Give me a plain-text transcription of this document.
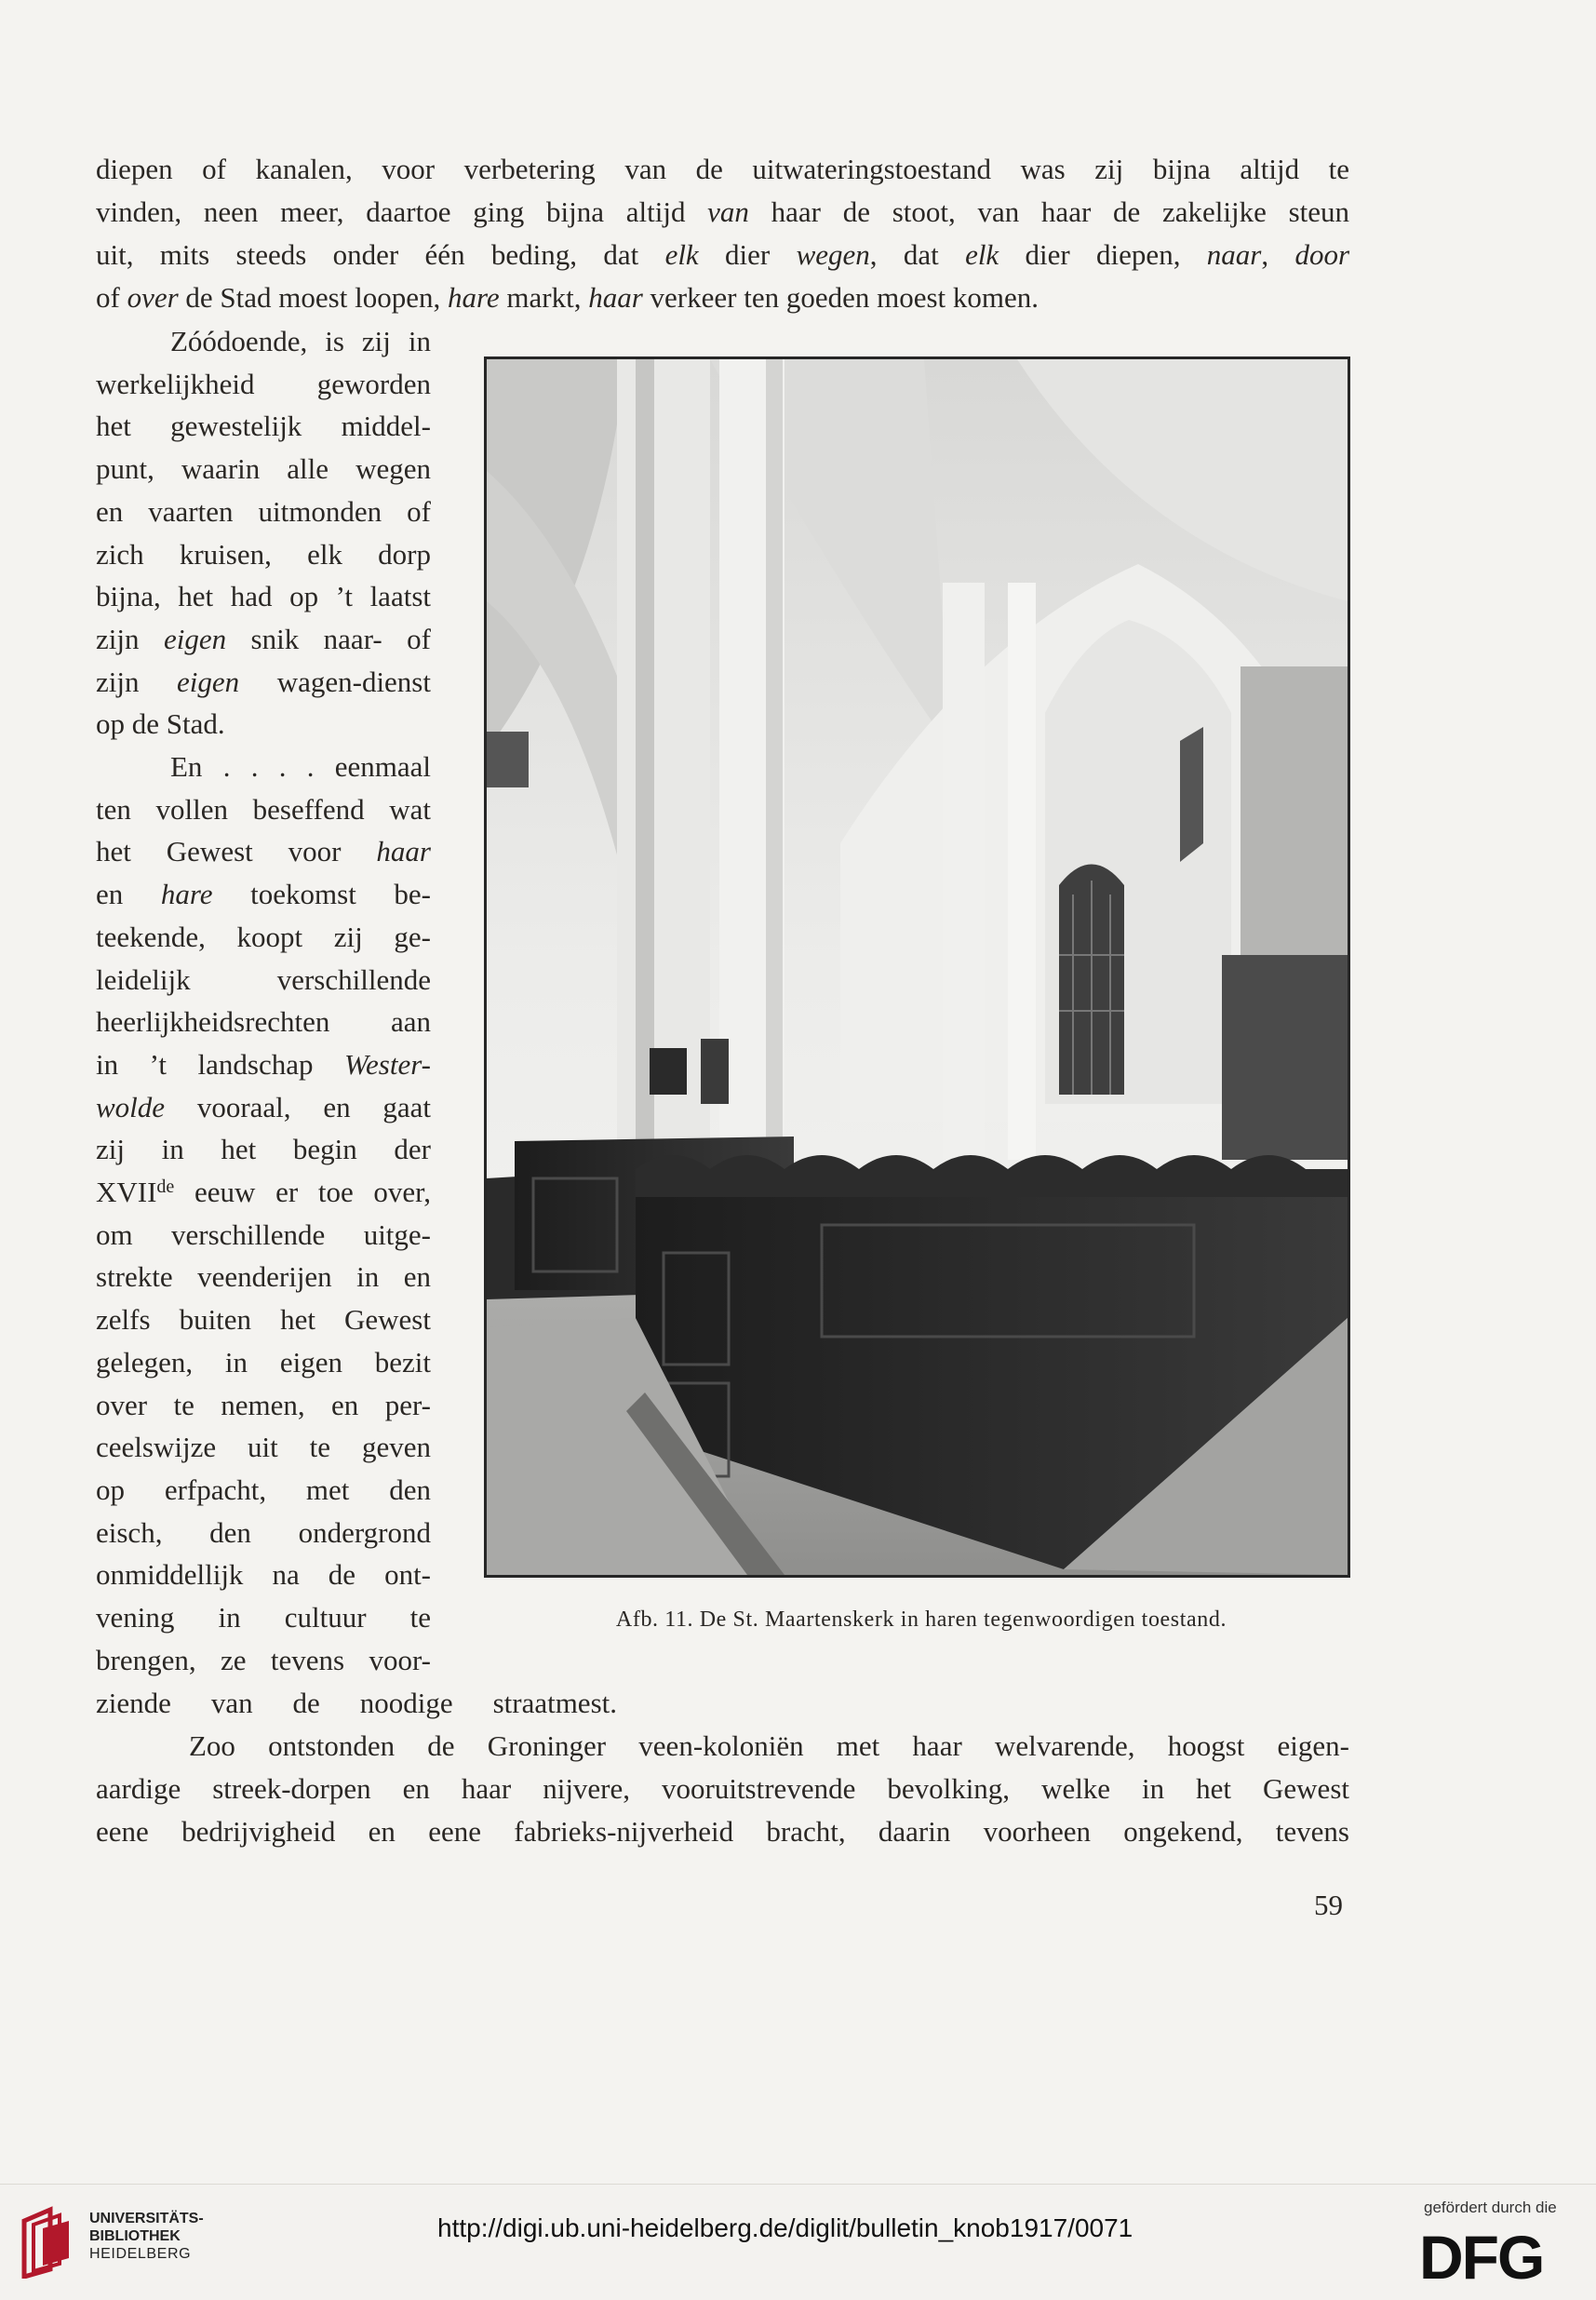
diepen of kanalen, voor verbetering van de uitwateringstoestand was zij bijna altijd te
vinden, neen meer, daartoe ging bijna altijd van haar de stoot, van haar de zakelijke steun
uit, mits steeds onder één beding, dat elk dier wegen, dat elk dier diepen, naar, door
of over de Stad moest loopen, hare markt, haar verkeer ten goeden moest komen.
Zóódoende, is zij in
werkelijkheid geworden
het gewestelijk middel-
punt, waarin alle wegen
en vaarten uitmonden of
zich kruisen, elk dorp
bijna, het had op ’t laatst
zijn eigen snik naar- of
zijn eigen wagen-dienst
op de Stad.
En . . . . eenmaal
ten vollen beseffend wat
het Gewest voor haar
en hare toekomst be-
teekende, koopt zij ge-
leidelijk verschillende
heerlijkheidsrechten aan
in ’t landschap Wester-
wolde vooraal, en gaat
zij in het begin der
XVIIde eeuw er toe over,
om verschillende uitge-
strekte veenderijen in en
zelfs buiten het Gewest
gelegen, in eigen bezit
over te nemen, en per-
ceelswijze uit te geven
op erfpacht, met den
eisch, den ondergrond
onmiddellijk na de ont-
vening in cultuur te
brengen, ze tevens voor-
ziende van de noodige straatmest.
Zoo ontstonden de Groninger veen-koloniën met haar welvarende, hoogst eigen-
aardige streek-dorpen en haar nijvere, vooruitstrevende bevolking, welke in het Gewest
eene bedrijvigheid en eene fabrieks-nijverheid bracht, daarin voorheen ongekend, tevens
Afb. 11. De St. Maartenskerk in haren tegenwoordigen toestand.
59
UNIVERSITÄTS-
BIBLIOTHEK
HEIDELBERG
http://digi.ub.uni-heidelberg.de/diglit/bulletin_knob1917/0071
gefördert durch die
DFG
